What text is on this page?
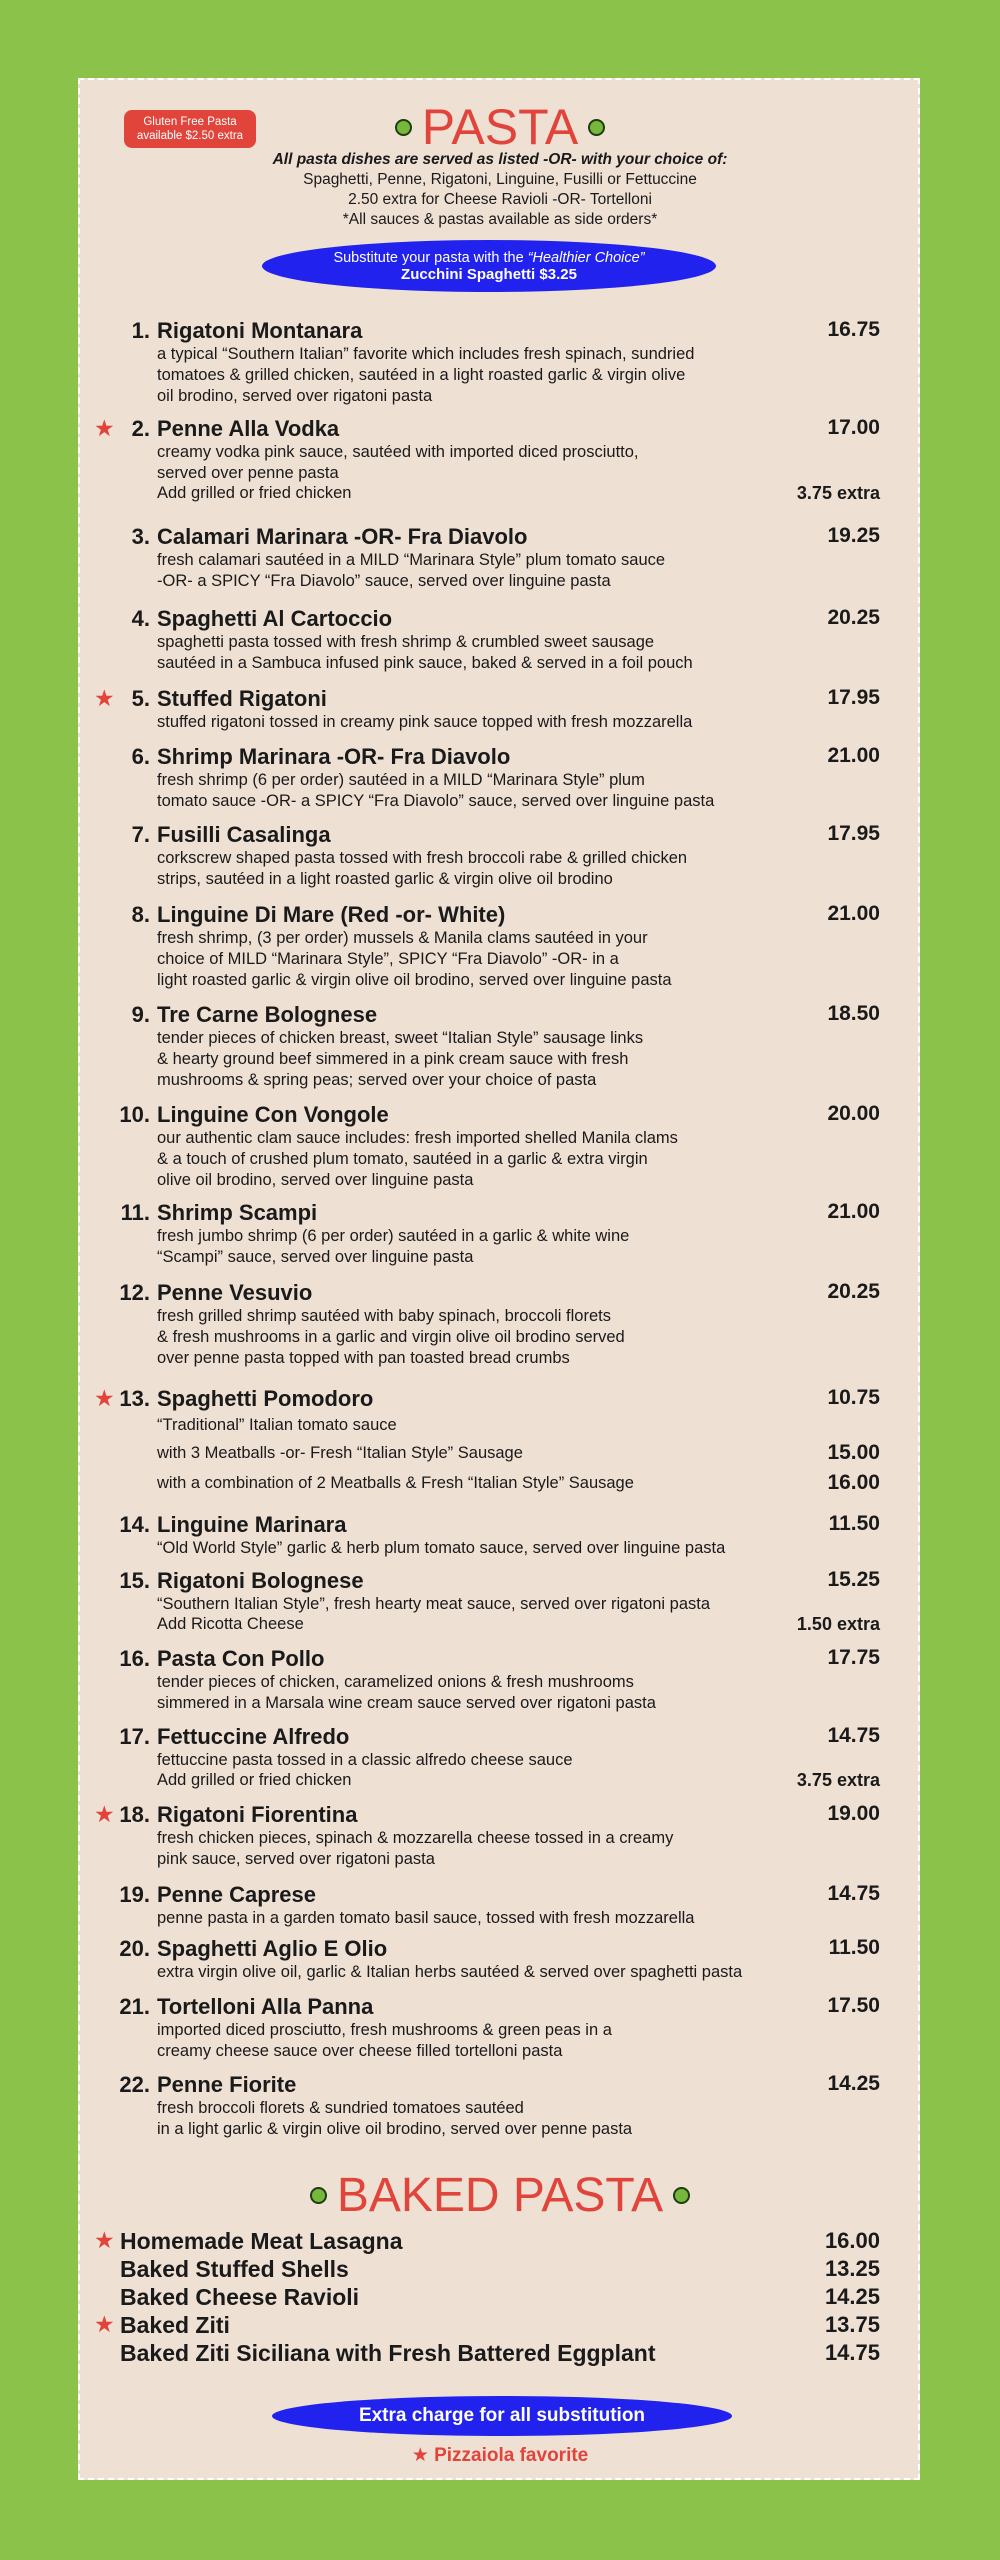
Gluten Free Pasta
available $2.50 extra	PASTA
All pasta dishes are served as listed -OR- with your choice of:
Spaghetti, Penne, Rigatoni, Linguine, Fusilli or Fettuccine
2.50 extra for Cheese Ravioli -OR- Tortelloni
*All sauces & pastas available as side orders*
Substitute your pasta with the “Healthier Choice”
Zucchini Spaghetti $3.25
1. Rigatoni Montanara	16.75
a typical “Southern Italian” favorite which includes fresh spinach, sundried
tomatoes & grilled chicken, sautéed in a light roasted garlic & virgin olive
oil brodino, served over rigatoni pasta
★ 2. Penne Alla Vodka	17.00
creamy vodka pink sauce, sautéed with imported diced prosciutto,
served over penne pasta
Add grilled or fried chicken	3.75 extra
3. Calamari Marinara -OR- Fra Diavolo	19.25
fresh calamari sautéed in a MILD “Marinara Style” plum tomato sauce
-OR- a SPICY “Fra Diavolo” sauce, served over linguine pasta
4. Spaghetti Al Cartoccio	20.25
spaghetti pasta tossed with fresh shrimp & crumbled sweet sausage
sautéed in a Sambuca infused pink sauce, baked & served in a foil pouch
★ 5. Stuffed Rigatoni	17.95
stuffed rigatoni tossed in creamy pink sauce topped with fresh mozzarella
6. Shrimp Marinara -OR- Fra Diavolo	21.00
fresh shrimp (6 per order) sautéed in a MILD “Marinara Style” plum
tomato sauce -OR- a SPICY “Fra Diavolo” sauce, served over linguine pasta
7. Fusilli Casalinga	17.95
corkscrew shaped pasta tossed with fresh broccoli rabe & grilled chicken
strips, sautéed in a light roasted garlic & virgin olive oil brodino
8. Linguine Di Mare (Red -or- White)	21.00
fresh shrimp, (3 per order) mussels & Manila clams sautéed in your
choice of MILD “Marinara Style”, SPICY “Fra Diavolo” -OR- in a
light roasted garlic & virgin olive oil brodino, served over linguine pasta
9. Tre Carne Bolognese	18.50
tender pieces of chicken breast, sweet “Italian Style” sausage links
& hearty ground beef simmered in a pink cream sauce with fresh
mushrooms & spring peas; served over your choice of pasta
10. Linguine Con Vongole	20.00
our authentic clam sauce includes: fresh imported shelled Manila clams
& a touch of crushed plum tomato, sautéed in a garlic & extra virgin
olive oil brodino, served over linguine pasta
11. Shrimp Scampi	21.00
fresh jumbo shrimp (6 per order) sautéed in a garlic & white wine
“Scampi” sauce, served over linguine pasta
12. Penne Vesuvio	20.25
fresh grilled shrimp sautéed with baby spinach, broccoli florets
& fresh mushrooms in a garlic and virgin olive oil brodino served
over penne pasta topped with pan toasted bread crumbs
★ 13. Spaghetti Pomodoro	10.75
“Traditional” Italian tomato sauce
with 3 Meatballs -or- Fresh “Italian Style” Sausage	15.00
with a combination of 2 Meatballs & Fresh “Italian Style” Sausage	16.00
14. Linguine Marinara	11.50
“Old World Style” garlic & herb plum tomato sauce, served over linguine pasta
15. Rigatoni Bolognese	15.25
“Southern Italian Style”, fresh hearty meat sauce, served over rigatoni pasta
Add Ricotta Cheese	1.50 extra
16. Pasta Con Pollo	17.75
tender pieces of chicken, caramelized onions & fresh mushrooms
simmered in a Marsala wine cream sauce served over rigatoni pasta
17. Fettuccine Alfredo	14.75
fettuccine pasta tossed in a classic alfredo cheese sauce
Add grilled or fried chicken	3.75 extra
★ 18. Rigatoni Fiorentina	19.00
fresh chicken pieces, spinach & mozzarella cheese tossed in a creamy
pink sauce, served over rigatoni pasta
19. Penne Caprese	14.75
penne pasta in a garden tomato basil sauce, tossed with fresh mozzarella
20. Spaghetti Aglio E Olio	11.50
extra virgin olive oil, garlic & Italian herbs sautéed & served over spaghetti pasta
21. Tortelloni Alla Panna	17.50
imported diced prosciutto, fresh mushrooms & green peas in a
creamy cheese sauce over cheese filled tortelloni pasta
22. Penne Fiorite	14.25
fresh broccoli florets & sundried tomatoes sautéed
in a light garlic & virgin olive oil brodino, served over penne pasta
BAKED PASTA
★ Homemade Meat Lasagna	16.00
Baked Stuffed Shells	13.25
Baked Cheese Ravioli	14.25
★ Baked Ziti	13.75
Baked Ziti Siciliana with Fresh Battered Eggplant	14.75
Extra charge for all substitution
★ Pizzaiola favorite
